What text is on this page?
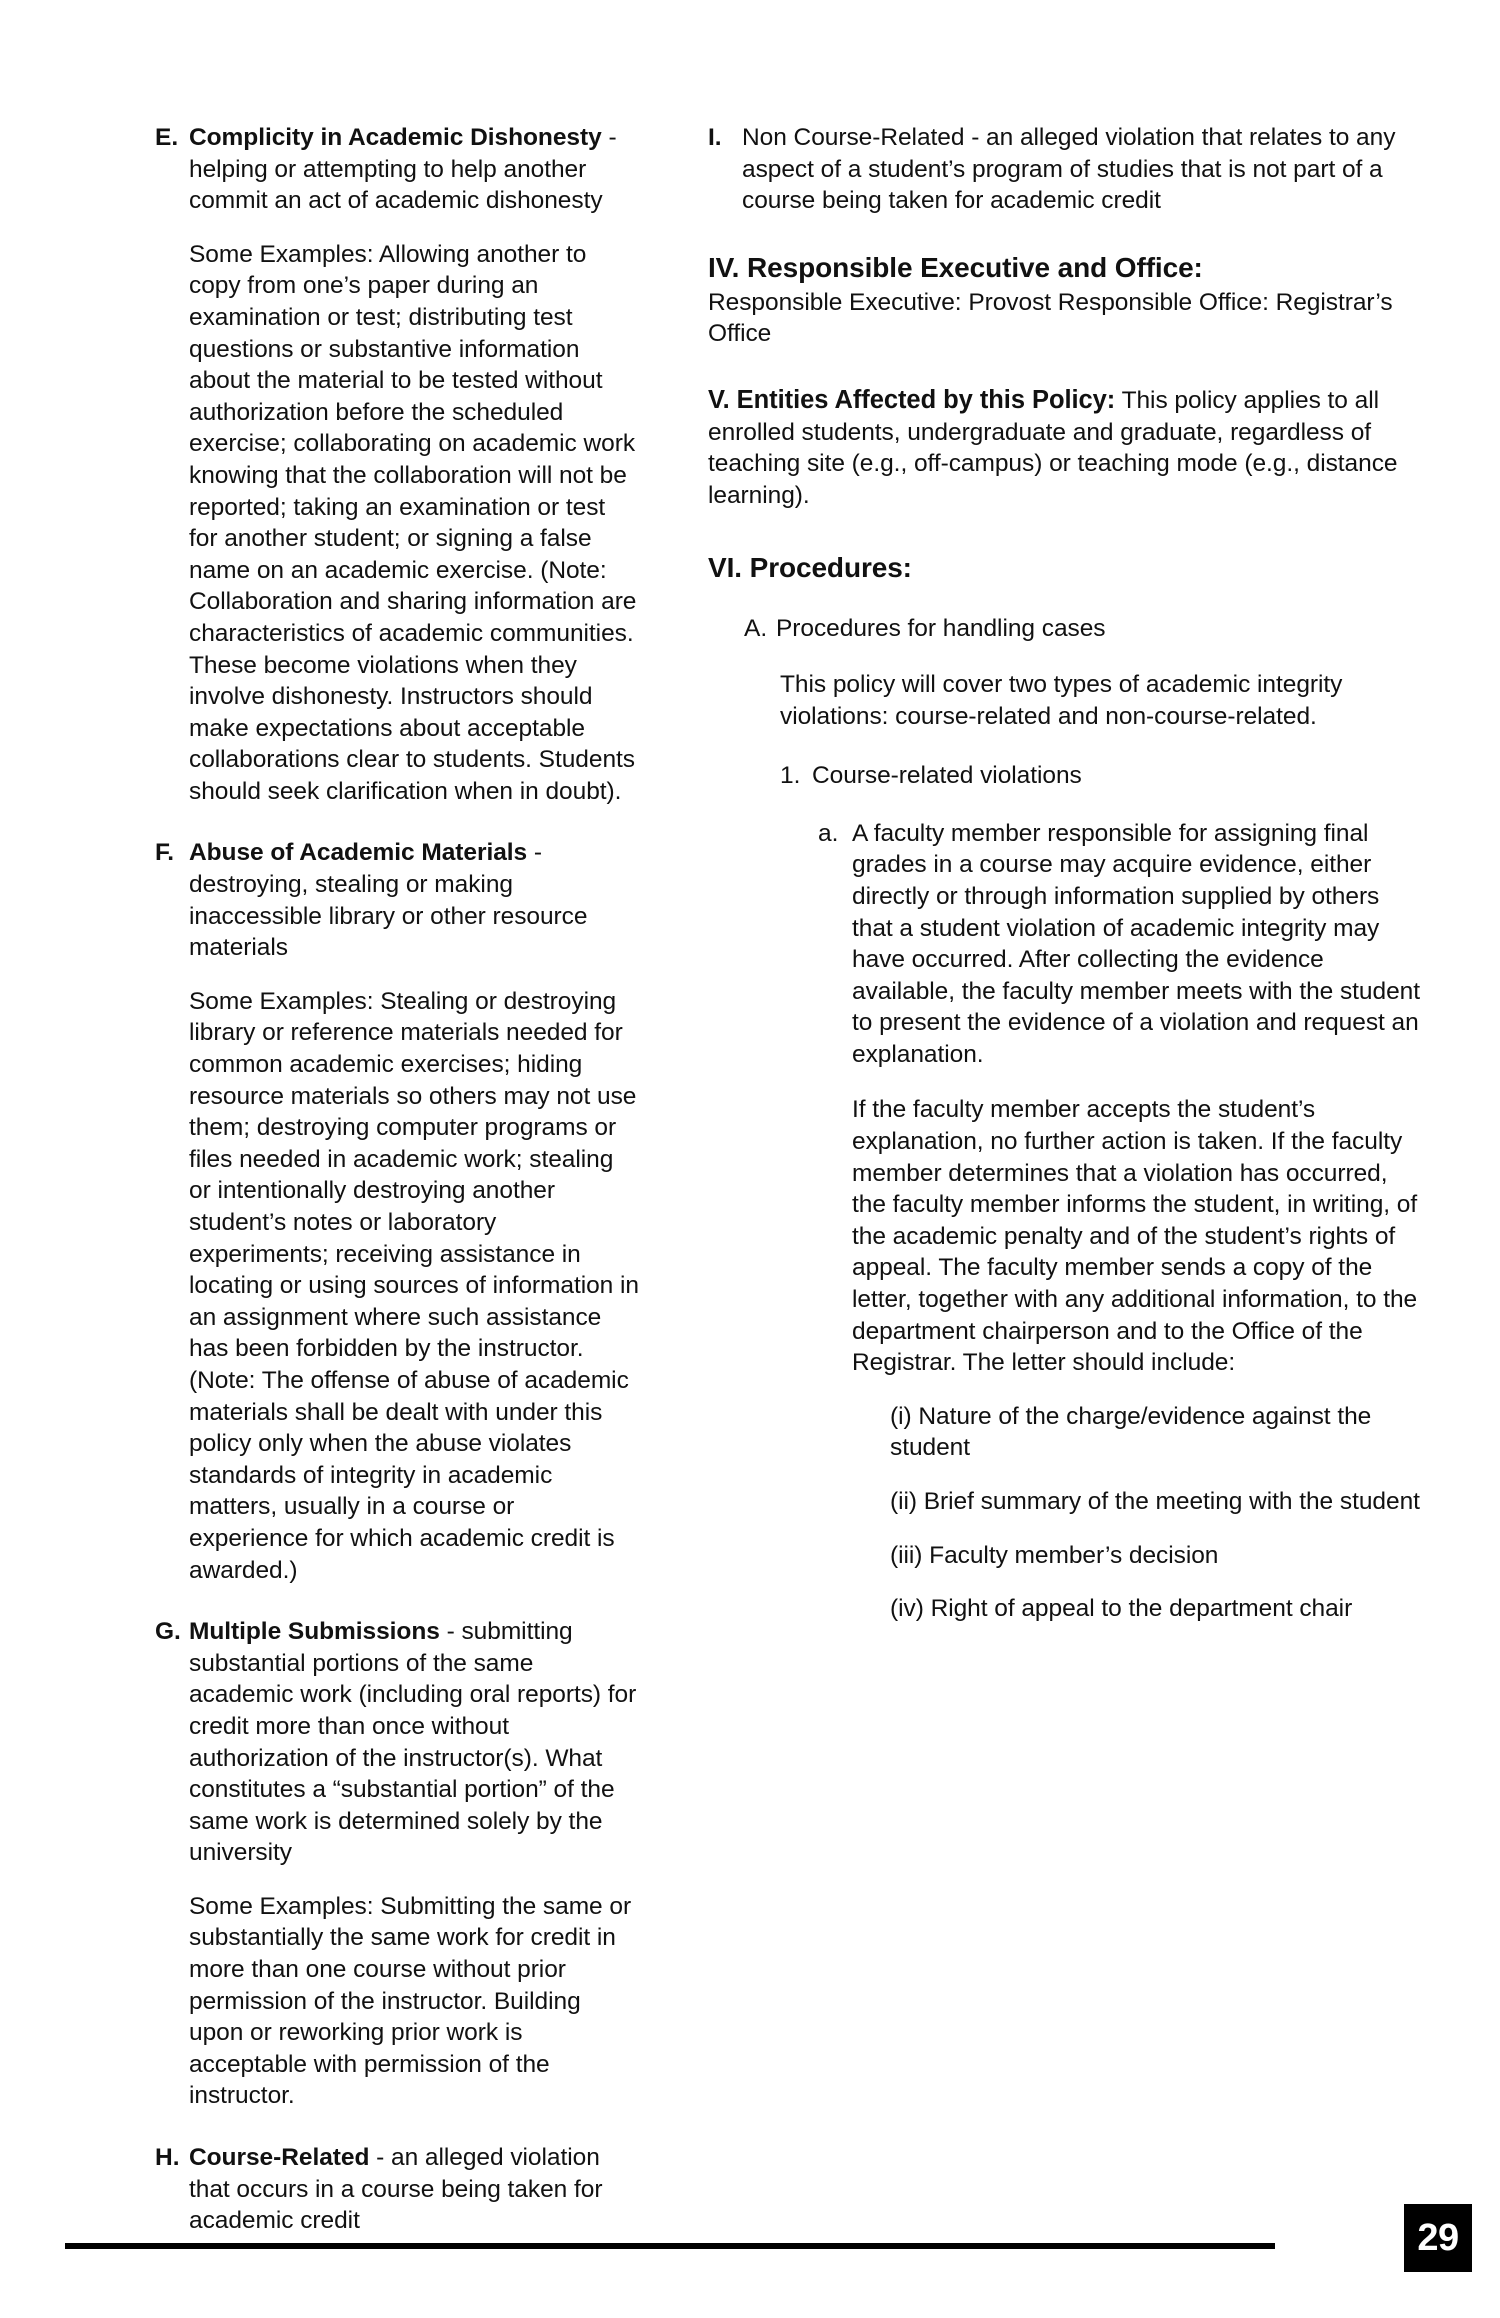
E. Complicity in Academic Dishonesty - helping or attempting to help another commit an act of academic dishonesty

Some Examples: Allowing another to copy from one’s paper during an examination or test; distributing test questions or substantive information about the material to be tested without authorization before the scheduled exercise; collaborating on academic work knowing that the collaboration will not be reported; taking an examination or test for another student; or signing a false name on an academic exercise. (Note: Collaboration and sharing information are characteristics of academic communities. These become violations when they involve dishonesty. Instructors should make expectations about acceptable collaborations clear to students. Students should seek clarification when in doubt).

F. Abuse of Academic Materials - destroying, stealing or making inaccessible library or other resource materials

Some Examples: Stealing or destroying library or reference materials needed for common academic exercises; hiding resource materials so others may not use them; destroying computer programs or files needed in academic work; stealing or intentionally destroying another student’s notes or laboratory experiments; receiving assistance in locating or using sources of information in an assignment where such assistance has been forbidden by the instructor. (Note: The offense of abuse of academic materials shall be dealt with under this policy only when the abuse violates standards of integrity in academic matters, usually in a course or experience for which academic credit is awarded.)

G. Multiple Submissions - submitting substantial portions of the same academic work (including oral reports) for credit more than once without authorization of the instructor(s). What constitutes a “substantial portion” of the same work is determined solely by the university

Some Examples: Submitting the same or substantially the same work for credit in more than one course without prior permission of the instructor. Building upon or reworking prior work is acceptable with permission of the instructor.

H. Course-Related - an alleged violation that occurs in a course being taken for academic credit

I. Non Course-Related - an alleged violation that relates to any aspect of a student’s program of studies that is not part of a course being taken for academic credit

IV. Responsible Executive and Office:

Responsible Executive: Provost Responsible Office: Registrar’s Office

V. Entities Affected by this Policy: This policy applies to all enrolled students, undergraduate and graduate, regardless of teaching site (e.g., off-campus) or teaching mode (e.g., distance learning).

VI. Procedures:
A. Procedures for handling cases

This policy will cover two types of academic integrity violations: course-related and non-course-related.

1. Course-related violations

a. A faculty member responsible for assigning final grades in a course may acquire evidence, either directly or through information supplied by others that a student violation of academic integrity may have occurred. After collecting the evidence available, the faculty member meets with the student to present the evidence of a violation and request an explanation.

If the faculty member accepts the student’s explanation, no further action is taken. If the faculty member determines that a violation has occurred, the faculty member informs the student, in writing, of the academic penalty and of the student’s rights of appeal. The faculty member sends a copy of the letter, together with any additional information, to the department chairperson and to the Office of the Registrar. The letter should include:

(i) Nature of the charge/evidence against the student

(ii) Brief summary of the meeting with the student

(iii) Faculty member’s decision

(iv) Right of appeal to the department chair

29
